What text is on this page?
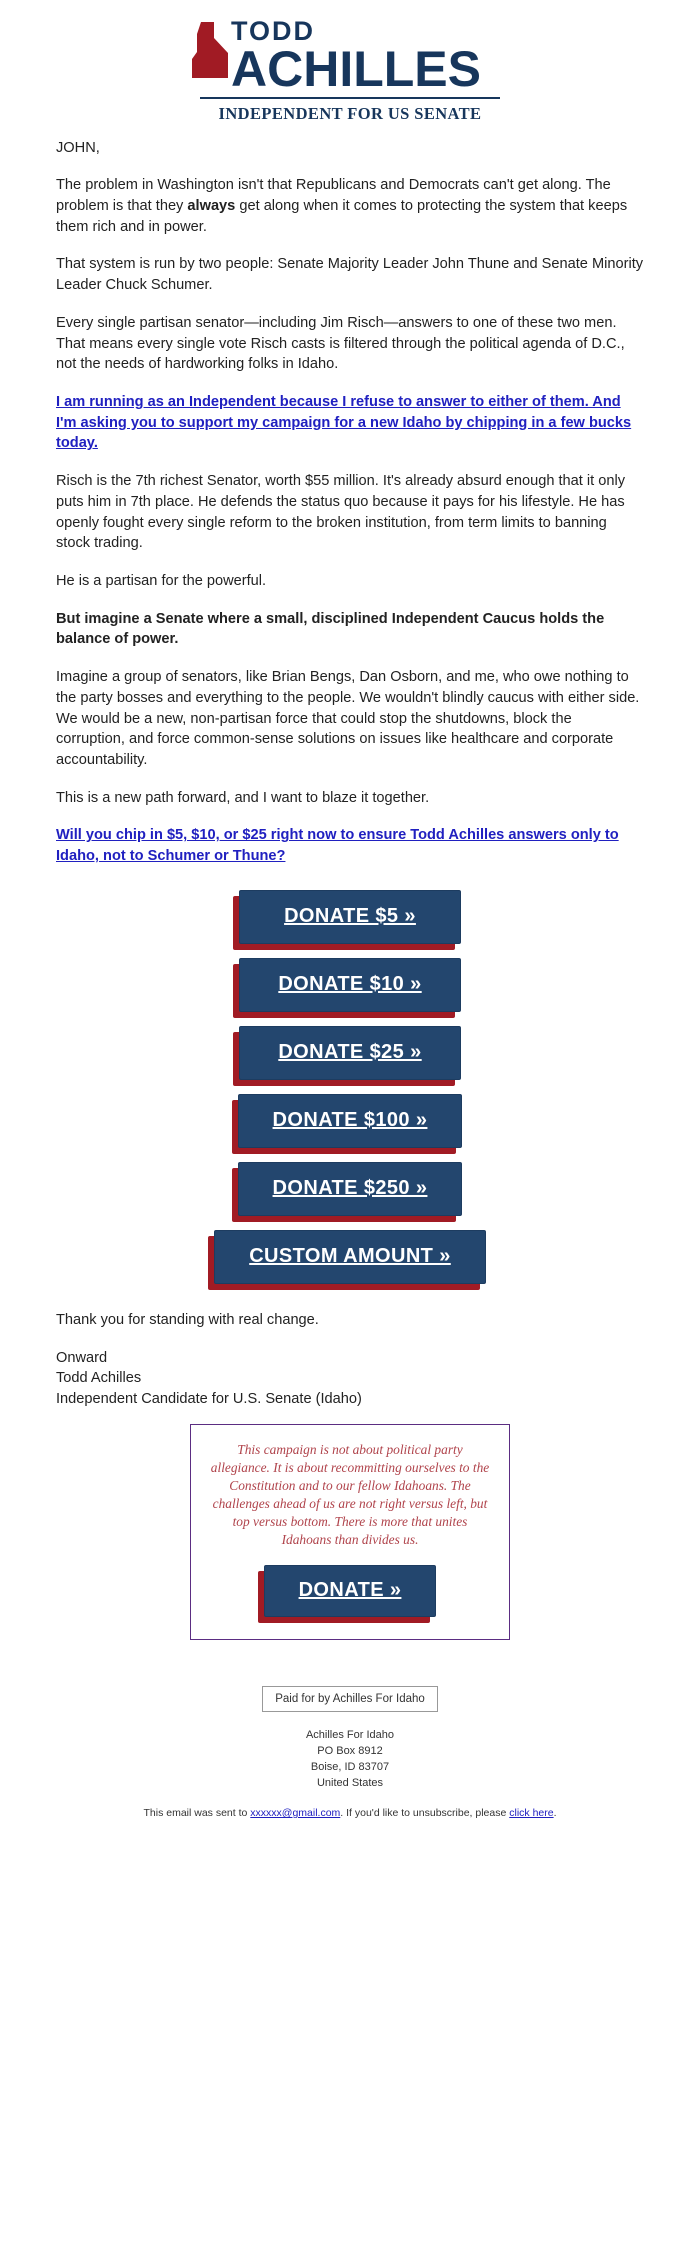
TODD
ACHILLES
INDEPENDENT FOR US SENATE

JOHN,

The problem in Washington isn't that Republicans and Democrats can't get along. The problem is that they always get along when it comes to protecting the system that keeps them rich and in power.

That system is run by two people: Senate Majority Leader John Thune and Senate Minority Leader Chuck Schumer.

Every single partisan senator—including Jim Risch—answers to one of these two men. That means every single vote Risch casts is filtered through the political agenda of D.C., not the needs of hardworking folks in Idaho.

I am running as an Independent because I refuse to answer to either of them. And I'm asking you to support my campaign for a new Idaho by chipping in a few bucks today.

Risch is the 7th richest Senator, worth $55 million. It's already absurd enough that it only puts him in 7th place. He defends the status quo because it pays for his lifestyle. He has openly fought every single reform to the broken institution, from term limits to banning stock trading.

He is a partisan for the powerful.

But imagine a Senate where a small, disciplined Independent Caucus holds the balance of power.

Imagine a group of senators, like Brian Bengs, Dan Osborn, and me, who owe nothing to the party bosses and everything to the people. We wouldn't blindly caucus with either side. We would be a new, non-partisan force that could stop the shutdowns, block the corruption, and force common-sense solutions on issues like healthcare and corporate accountability.

This is a new path forward, and I want to blaze it together.

Will you chip in $5, $10, or $25 right now to ensure Todd Achilles answers only to Idaho, not to Schumer or Thune?
DONATE $5 »

DONATE $10 »

DONATE $25 »

DONATE $100 »

DONATE $250 »

CUSTOM AMOUNT »

Thank you for standing with real change.

Onward
Todd Achilles
Independent Candidate for U.S. Senate (Idaho)

This campaign is not about political party allegiance. It is about recommitting ourselves to the Constitution and to our fellow Idahoans. The challenges ahead of us are not right versus left, but top versus bottom. There is more that unites Idahoans than divides us.

DONATE »
Paid for by Achilles For Idaho
Achilles For Idaho
PO Box 8912
Boise, ID 83707
United States
This email was sent to xxxxxx@gmail.com. If you'd like to unsubscribe, please click here.
